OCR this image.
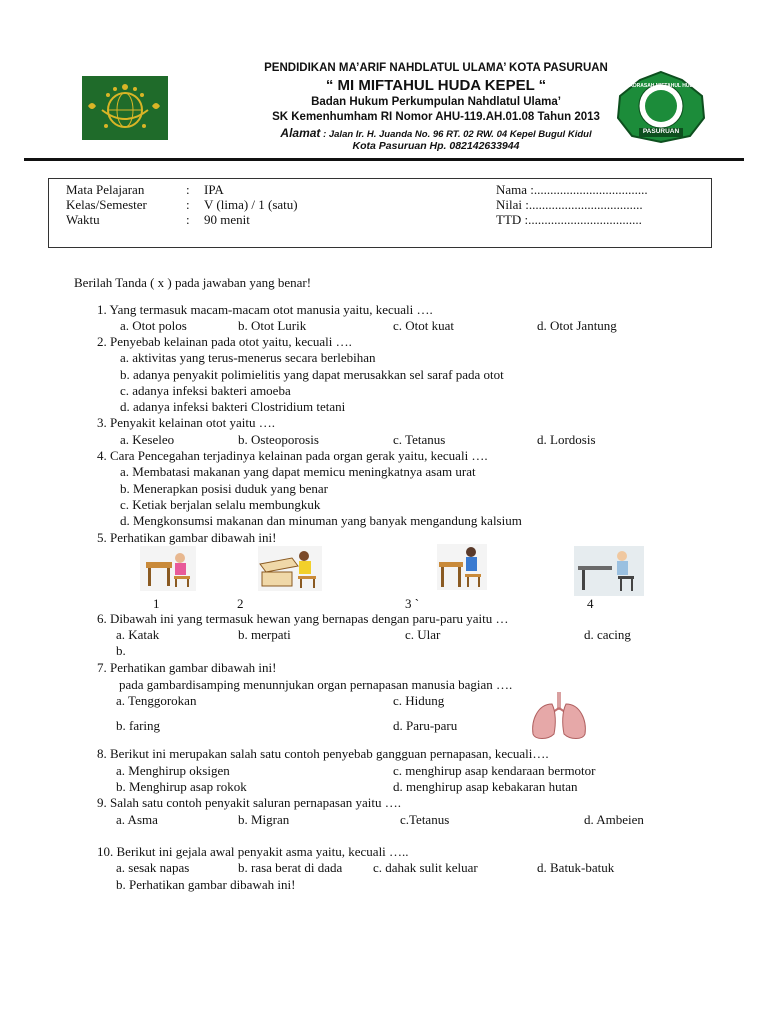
PENDIDIKAN MA’ARIF NAHDLATUL ULAMA’ KOTA PASURUAN
“ MI MIFTAHUL HUDA KEPEL “
Badan Hukum Perkumpulan Nahdlatul Ulama’
SK Kemenhumham RI Nomor AHU-119.AH.01.08 Tahun 2013
Alamat : Jalan Ir. H. Juanda No. 96 RT. 02 RW. 04 Kepel Bugul Kidul
Kota Pasuruan Hp. 082142633944
MADRASAH MIFTAHUL HUDA
PASURUAN
Mata Pelajaran	: IPA
Kelas/Semester	: V (lima) / 1 (satu)
Waktu	: 90 menit
Nama :...................................
Nilai :...................................
TTD :...................................
Berilah Tanda ( x ) pada jawaban yang benar!
1. Yang termasuk macam-macam otot manusia yaitu, kecuali ….
a. Otot polos	b. Otot Lurik	c. Otot kuat	d. Otot Jantung
2. Penyebab kelainan pada otot yaitu, kecuali ….
a. aktivitas yang terus-menerus secara berlebihan
b. adanya penyakit polimielitis yang dapat merusakkan sel saraf pada otot
c. adanya infeksi bakteri amoeba
d. adanya infeksi bakteri Clostridium tetani
3. Penyakit kelainan otot yaitu ….
a. Keseleo	b. Osteoporosis	c. Tetanus	d. Lordosis
4. Cara Pencegahan terjadinya kelainan pada organ gerak yaitu, kecuali ….
a. Membatasi makanan yang dapat memicu meningkatnya asam urat
b. Menerapkan posisi duduk yang benar
c. Ketiak berjalan selalu membungkuk
d. Mengkonsumsi makanan dan minuman yang banyak mengandung kalsium
5. Perhatikan gambar dibawah ini!
1	2	3 `	4
6. Dibawah ini yang termasuk hewan yang bernapas dengan paru-paru yaitu …
a. Katak	b. merpati	c. Ular	d. cacing
b.
7. Perhatikan gambar dibawah ini!
pada gambardisamping menunnjukan organ pernapasan manusia bagian ….
a. Tenggorokan	c. Hidung
b. faring	d. Paru-paru
8. Berikut ini merupakan salah satu contoh penyebab gangguan pernapasan, kecuali….
a. Menghirup oksigen	c. menghirup asap kendaraan bermotor
b. Menghirup asap rokok	d. menghirup asap kebakaran hutan
9. Salah satu contoh penyakit saluran pernapasan yaitu ….
a. Asma	b. Migran	c.Tetanus	d. Ambeien
10. Berikut ini gejala awal penyakit asma yaitu, kecuali …..
a. sesak napas	b. rasa berat di dada c. dahak sulit keluar	d. Batuk-batuk
b. Perhatikan gambar dibawah ini!
